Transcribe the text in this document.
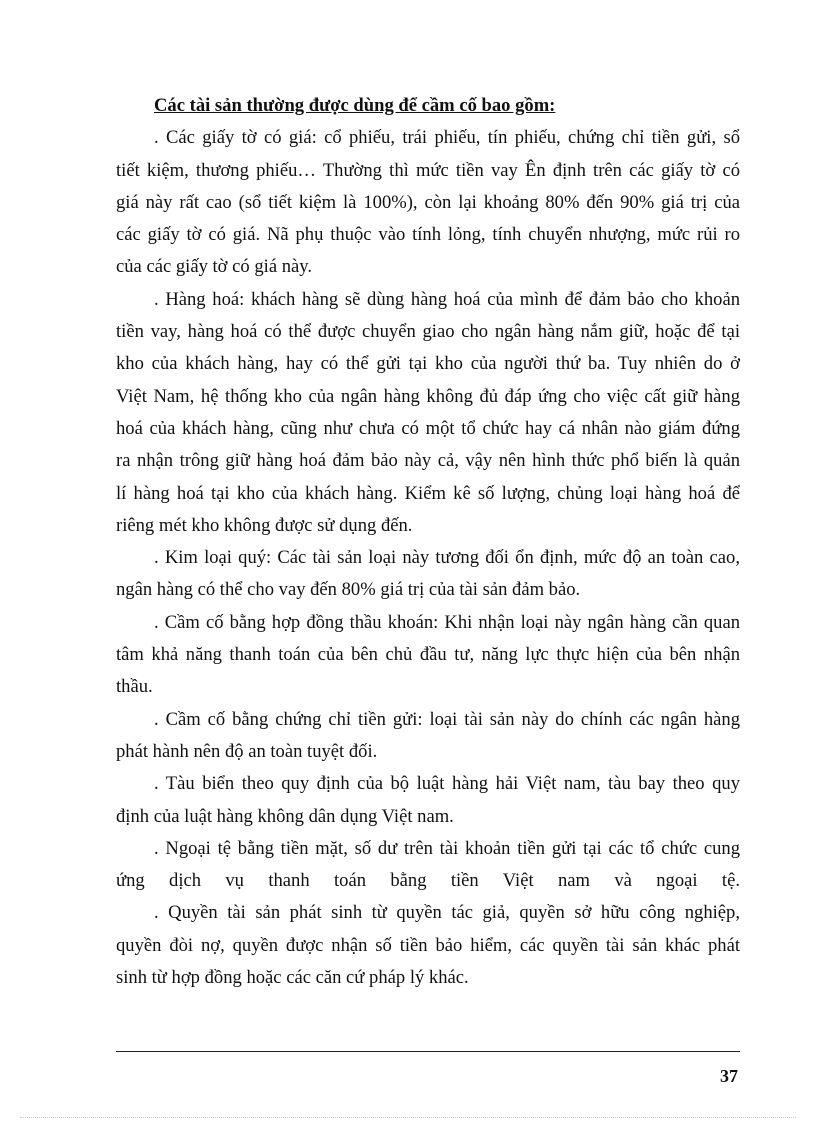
Các tài sản thường được dùng để cầm cố bao gồm:
. Các giấy tờ có giá: cổ phiếu, trái phiếu, tín phiếu, chứng chỉ tiền gửi, sổ
tiết kiệm, thương phiếu… Thường thì mức tiền vay Ên định trên các giấy tờ có
giá này rất cao (sổ tiết kiệm là 100%), còn lại khoảng 80% đến 90% giá trị của
các giấy tờ có giá. Nã phụ thuộc vào tính lỏng, tính chuyển nhượng, mức rủi ro
của các giấy tờ có giá này.
. Hàng hoá: khách hàng sẽ dùng hàng hoá của mình để đảm bảo cho khoản
tiền vay, hàng hoá có thể được chuyển giao cho ngân hàng nắm giữ, hoặc để tại
kho của khách hàng, hay có thể gửi tại kho của người thứ ba. Tuy nhiên do ở
Việt Nam, hệ thống kho của ngân hàng không đủ đáp ứng cho việc cất giữ hàng
hoá của khách hàng, cũng như chưa có một tổ chức hay cá nhân nào giám đứng
ra nhận trông giữ hàng hoá đảm bảo này cả, vậy nên hình thức phổ biến là quản
lí hàng hoá tại kho của khách hàng. Kiểm kê số lượng, chủng loại hàng hoá để
riêng mét kho không được sử dụng đến.
. Kim loại quý: Các tài sản loại này tương đối ổn định, mức độ an toàn cao,
ngân hàng có thể cho vay đến 80% giá trị của tài sản đảm bảo.
. Cầm cố bằng hợp đồng thầu khoán: Khi nhận loại này ngân hàng cần quan
tâm khả năng thanh toán của bên chủ đầu tư, năng lực thực hiện của bên nhận
thầu.
. Cầm cố bằng chứng chỉ tiền gửi: loại tài sản này do chính các ngân hàng
phát hành nên độ an toàn tuyệt đối.
. Tàu biển theo quy định của bộ luật hàng hải Việt nam, tàu bay theo quy
định của luật hàng không dân dụng Việt nam.
. Ngoại tệ bằng tiền mặt, số dư trên tài khoản tiền gửi tại các tổ chức cung
ứng dịch vụ thanh toán bằng tiền Việt nam và ngoại tệ.
. Quyền tài sản phát sinh từ quyền tác giả, quyền sở hữu công nghiệp,
quyền đòi nợ, quyền được nhận số tiền bảo hiểm, các quyền tài sản khác phát
sinh từ hợp đồng hoặc các căn cứ pháp lý khác.
37
